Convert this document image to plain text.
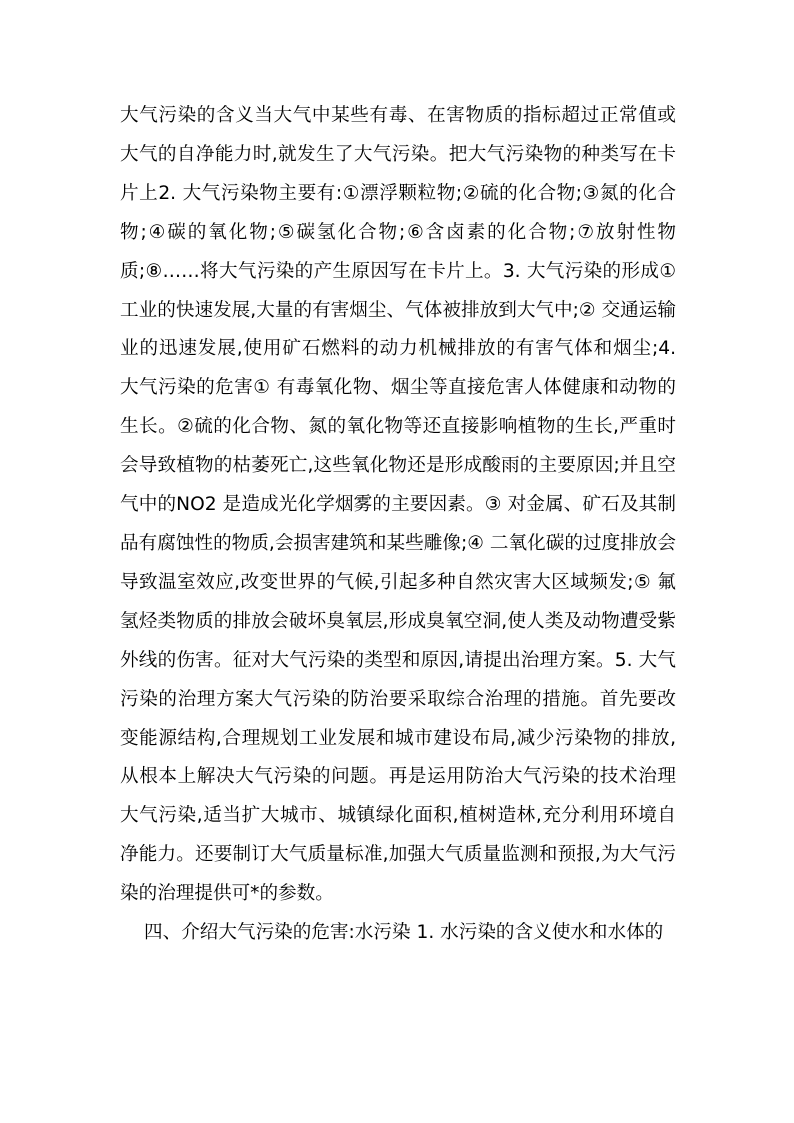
大气污染的含义当大气中某些有毒、在害物质的指标超过正常值或大气的自净能力时,就发生了大气污染。把大气污染物的种类写在卡片上2. 大气污染物主要有:①漂浮颗粒物;②硫的化合物;③氮的化合物;④碳的氧化物;⑤碳氢化合物;⑥含卤素的化合物;⑦放射性物质;⑧……将大气污染的产生原因写在卡片上。3. 大气污染的形成① 工业的快速发展,大量的有害烟尘、气体被排放到大气中;② 交通运输业的迅速发展,使用矿石燃料的动力机械排放的有害气体和烟尘;4. 大气污染的危害① 有毒氧化物、烟尘等直接危害人体健康和动物的生长。②硫的化合物、氮的氧化物等还直接影响植物的生长,严重时会导致植物的枯萎死亡,这些氧化物还是形成酸雨的主要原因;并且空气中的NO2 是造成光化学烟雾的主要因素。③ 对金属、矿石及其制品有腐蚀性的物质,会损害建筑和某些雕像;④ 二氧化碳的过度排放会导致温室效应,改变世界的气候,引起多种自然灾害大区域频发;⑤ 氟氢烃类物质的排放会破坏臭氧层,形成臭氧空洞,使人类及动物遭受紫外线的伤害。征对大气污染的类型和原因,请提出治理方案。5. 大气污染的治理方案大气污染的防治要采取综合治理的措施。首先要改变能源结构,合理规划工业发展和城市建设布局,减少污染物的排放,从根本上解决大气污染的问题。再是运用防治大气污染的技术治理大气污染,适当扩大城市、城镇绿化面积,植树造林,充分利用环境自净能力。还要制订大气质量标准,加强大气质量监测和预报,为大气污染的治理提供可*的参数。

四、介绍大气污染的危害:水污染 1. 水污染的含义使水和水体的
